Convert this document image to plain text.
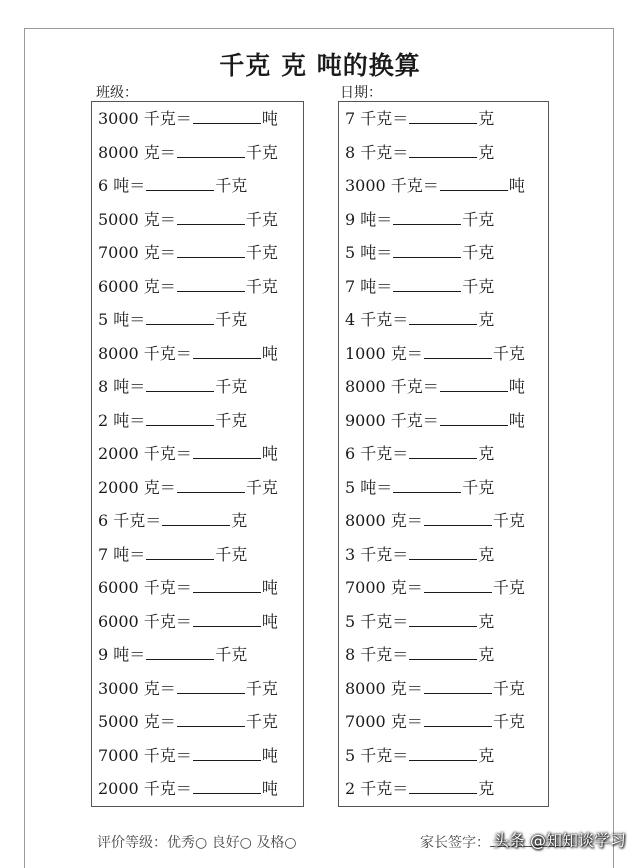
千克 克 吨的换算
班级：	日期：
3000 千克＝	吨
8000 克＝	千克
6 吨＝	千克
5000 克＝	千克
7000 克＝	千克
6000 克＝	千克
5 吨＝	千克
8000 千克＝	吨
8 吨＝	千克
2 吨＝	千克
2000 千克＝	吨
2000 克＝	千克
6 千克＝	克
7 吨＝	千克
6000 千克＝	吨
6000 千克＝	吨
9 吨＝	千克
3000 克＝	千克
5000 克＝	千克
7000 千克＝	吨
2000 千克＝	吨
7 千克＝	克
8 千克＝	克
3000 千克＝	吨
9 吨＝	千克
5 吨＝	千克
7 吨＝	千克
4 千克＝	克
1000 克＝	千克
8000 千克＝	吨
9000 千克＝	吨
6 千克＝	克
5 吨＝	千克
8000 克＝	千克
3 千克＝	克
7000 克＝	千克
5 千克＝	克
8 千克＝	克
8000 克＝	千克
7000 克＝	千克
5 千克＝	克
2 千克＝	克
评价等级：优秀○ 良好○ 及格○	家长签字： 头条 @知知谈学习
